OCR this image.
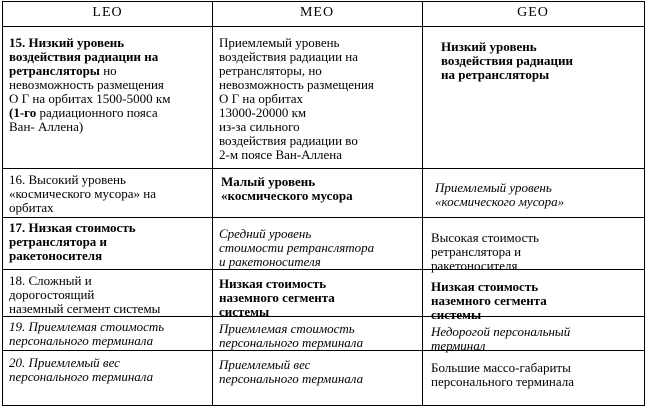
LEO	MEO	GEO
15. Низкий уровень
воздействия радиации на
ретрансляторы но
невозможность размещения
О Г на орбитах 1500-5000 км
(1-го радиационного пояса
Ван- Аллена)
Приемлемый уровень
воздействия радиации на
ретрансляторы, но
невозможность размещения
О Г на орбитах
13000-20000 км
из-за сильного
воздействия радиации во
2-м поясе Ван-Аллена
Низкий уровень
воздействия радиации
на ретрансляторы
16. Высокий уровень
«космического мусора» на
орбитах
Малый уровень
«космического мусора
Приемлемый уровень
«космического мусора»
17. Низкая стоимость
ретранслятора и
ракетоносителя
Средний уровень
стоимости ретранслятора
и ракетоносителя
Высокая стоимость
ретранслятора и
ракетоносителя
18. Сложный и
дорогостоящий
наземный сегмент системы
Низкая стоимость
наземного сегмента
системы
Низкая стоимость
наземного сегмента
системы
19. Приемлемая стоимость
персонального терминала
Приемлемая стоимость
персонального терминала
Недорогой персональный
терминал
20. Приемлемый вес
персонального терминала
Приемлемый вес
персонального терминала
Большие массо-габариты
персонального терминала
